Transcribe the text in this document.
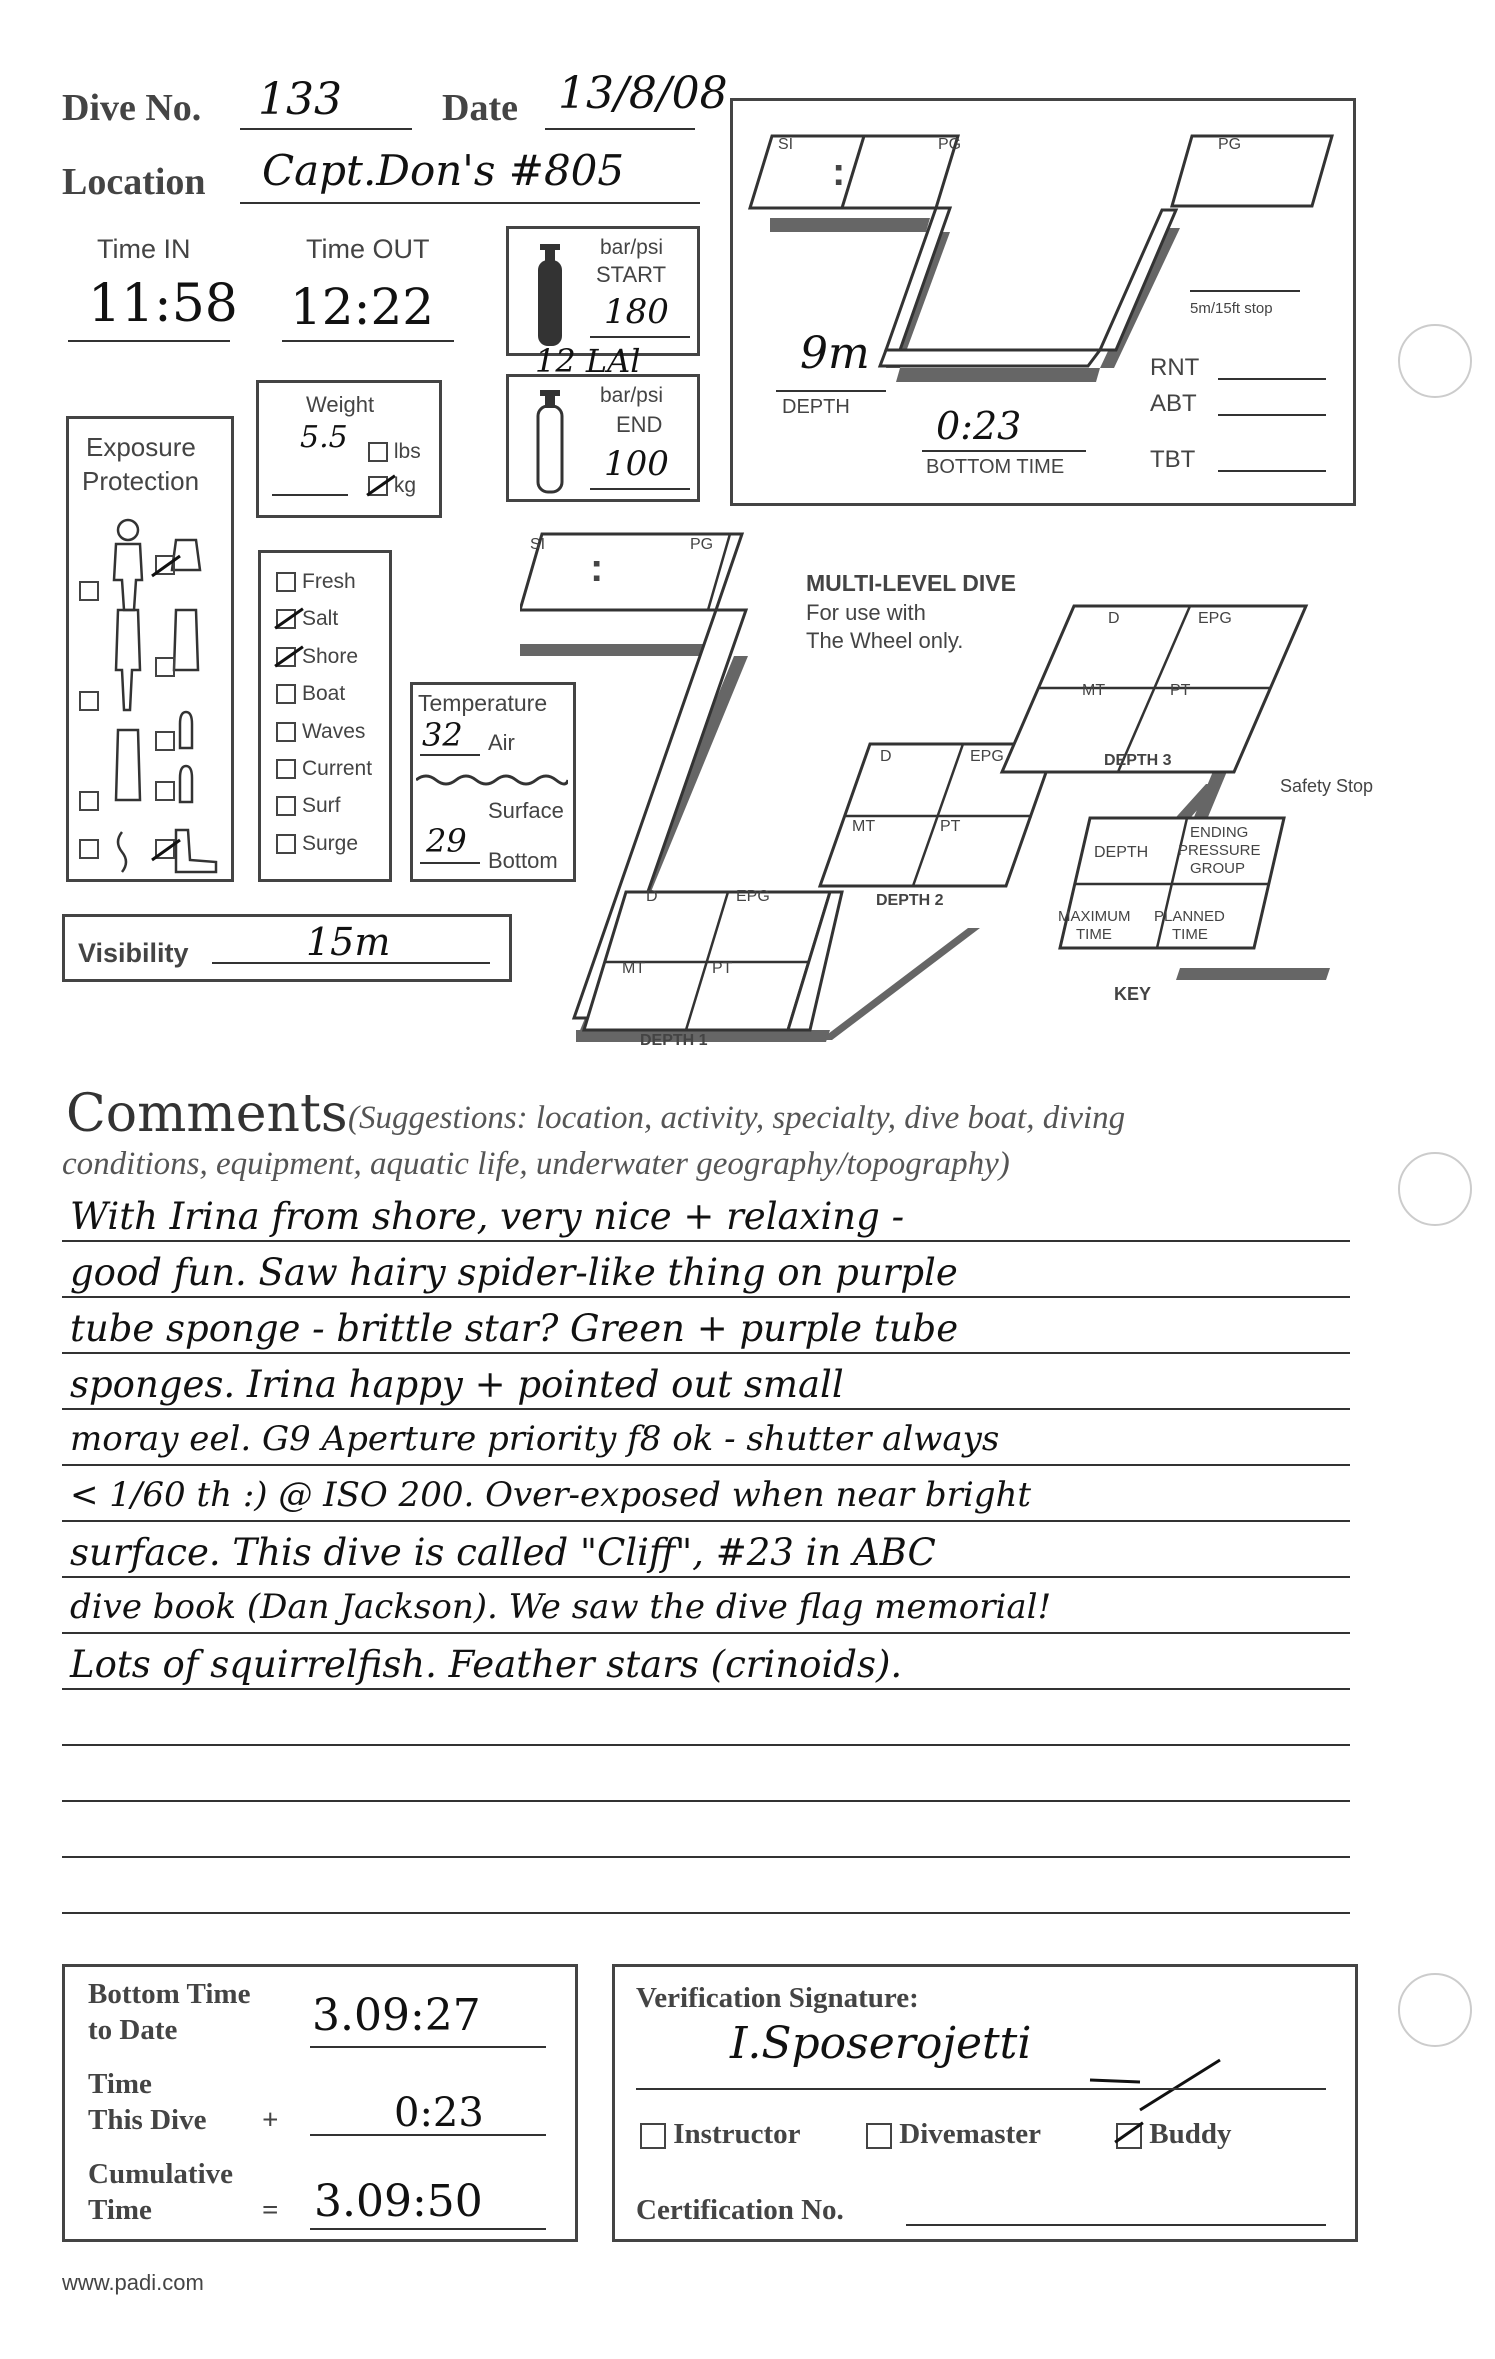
Dive No. 133	Date 13/8/08
Location Capt.Don's #805
Time IN
11:58
Time OUT
12:22
bar/psi
START
180
12 LAl
bar/psi
END
100
Weight
5.5	lbs
kg
Exposure
Protection
Fresh
Salt
Shore
Boat
Waves
Current
Surf
Surge
Temperature
32 Air
Surface
29
Bottom
Visibility	15m
SI
:
PG	PG
9m
DEPTH 0:23
BOTTOM TIME
5m/15ft stop
RNT
ABT
TBT
SI
:
PG
MULTI-LEVEL DIVE
For use with
The Wheel only.
D	EPG
MT	PT
DEPTH 1
D	EPG
MT	PT
DEPTH 2
D	EPG
MT	PT
DEPTH 3
Safety Stop
DEPTH
ENDING
PRESSURE
GROUP
MAXIMUM
TIME
PLANNED
TIME
KEY
Comments (Suggestions: location, activity, specialty, dive boat, diving
conditions, equipment, aquatic life, underwater geography/topography)
With Irina from shore, very nice + relaxing -
good fun. Saw hairy spider-like thing on purple
tube sponge - brittle star? Green + purple tube
sponges. Irina happy + pointed out small
moray eel. G9 Aperture priority f8 ok - shutter always
< 1/60 th :) @ ISO 200. Over-exposed when near bright
surface. This dive is called "Cliff", #23 in ABC
dive book (Dan Jackson). We saw the dive flag memorial!
Lots of squirrelfish. Feather stars (crinoids).
Bottom Time
to Date	3.09:27
Time
This Dive +	0:23
Cumulative
Time	= 3.09:50
Verification Signature:
I.Sposerojetti
Instructor	Divemaster	Buddy
Certification No.
www.padi.com
